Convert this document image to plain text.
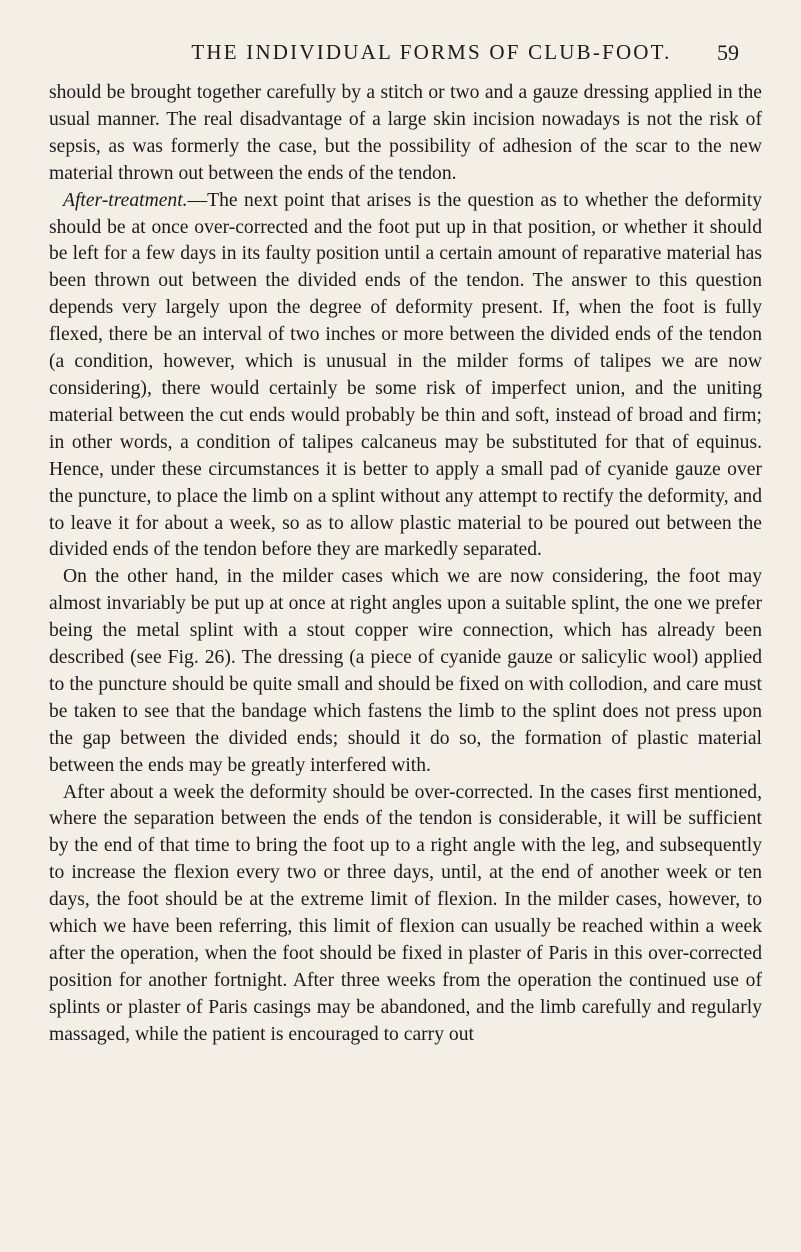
THE INDIVIDUAL FORMS OF CLUB-FOOT.	59

should be brought together carefully by a stitch or two and a gauze dressing applied in the usual manner. The real disadvantage of a large skin incision nowadays is not the risk of sepsis, as was formerly the case, but the possibility of adhesion of the scar to the new material thrown out between the ends of the tendon.

After-treatment.—The next point that arises is the question as to whether the deformity should be at once over-corrected and the foot put up in that position, or whether it should be left for a few days in its faulty position until a certain amount of reparative material has been thrown out between the divided ends of the tendon. The answer to this question depends very largely upon the degree of deformity present. If, when the foot is fully flexed, there be an interval of two inches or more between the divided ends of the tendon (a condition, however, which is unusual in the milder forms of talipes we are now considering), there would certainly be some risk of imperfect union, and the uniting material between the cut ends would probably be thin and soft, instead of broad and firm; in other words, a condition of talipes calcaneus may be substituted for that of equinus. Hence, under these circumstances it is better to apply a small pad of cyanide gauze over the puncture, to place the limb on a splint without any attempt to rectify the deformity, and to leave it for about a week, so as to allow plastic material to be poured out between the divided ends of the tendon before they are markedly separated.

On the other hand, in the milder cases which we are now considering, the foot may almost invariably be put up at once at right angles upon a suitable splint, the one we prefer being the metal splint with a stout copper wire connection, which has already been described (see Fig. 26). The dressing (a piece of cyanide gauze or salicylic wool) applied to the puncture should be quite small and should be fixed on with collodion, and care must be taken to see that the bandage which fastens the limb to the splint does not press upon the gap between the divided ends; should it do so, the formation of plastic material between the ends may be greatly interfered with.

After about a week the deformity should be over-corrected. In the cases first mentioned, where the separation between the ends of the tendon is considerable, it will be sufficient by the end of that time to bring the foot up to a right angle with the leg, and subsequently to increase the flexion every two or three days, until, at the end of another week or ten days, the foot should be at the extreme limit of flexion. In the milder cases, however, to which we have been referring, this limit of flexion can usually be reached within a week after the operation, when the foot should be fixed in plaster of Paris in this over-corrected position for another fortnight. After three weeks from the operation the continued use of splints or plaster of Paris casings may be abandoned, and the limb carefully and regularly massaged, while the patient is encouraged to carry out
